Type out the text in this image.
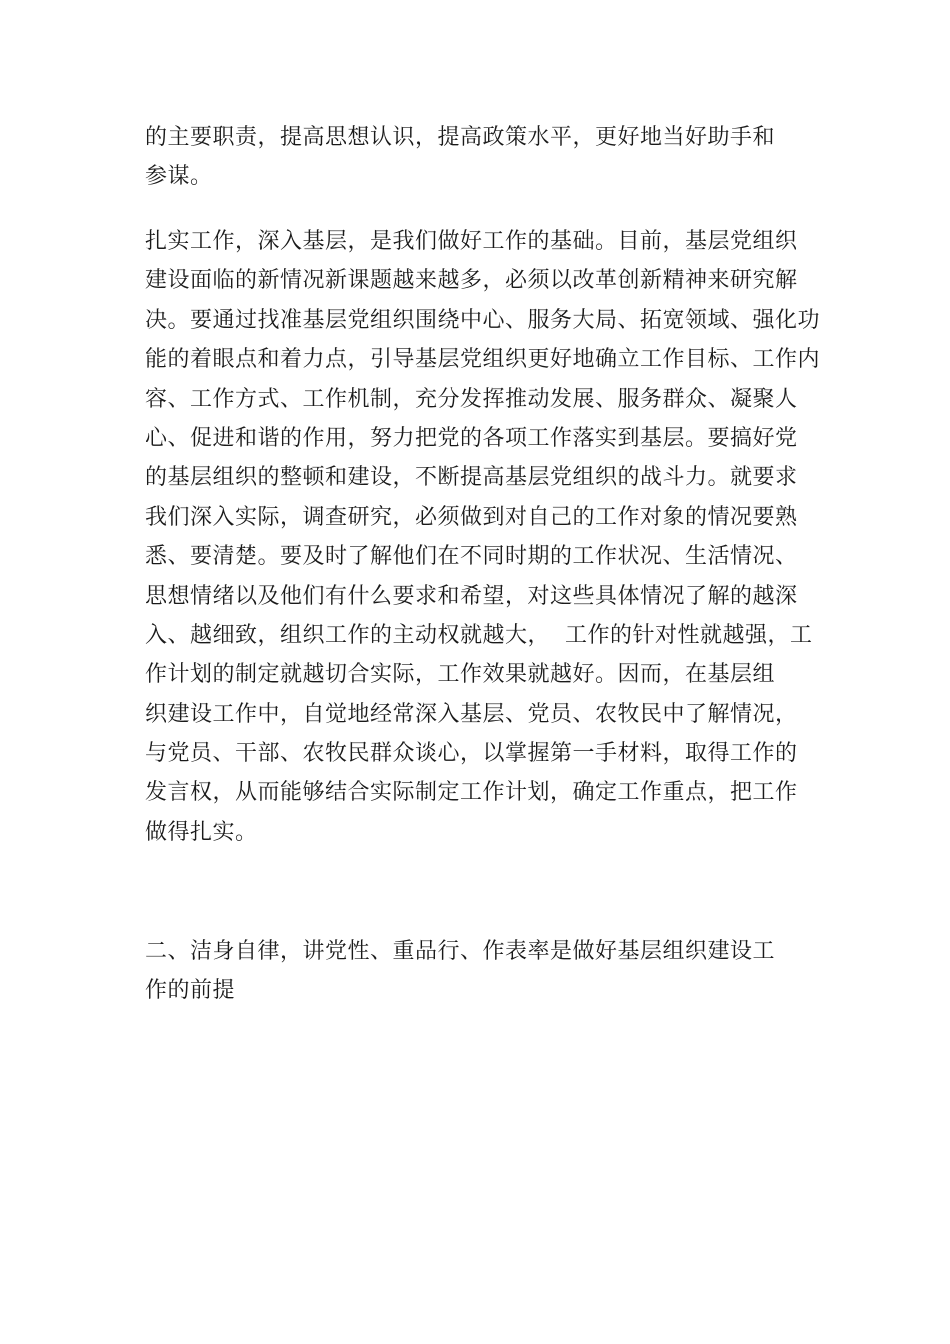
的主要职责，提高思想认识，提高政策水平，更好地当好助手和
参谋。
扎实工作，深入基层，是我们做好工作的基础。目前，基层党组织
建设面临的新情况新课题越来越多，必须以改革创新精神来研究解
决。要通过找准基层党组织围绕中心、服务大局、拓宽领域、强化功
能的着眼点和着力点，引导基层党组织更好地确立工作目标、工作内
容、工作方式、工作机制，充分发挥推动发展、服务群众、凝聚人
心、促进和谐的作用，努力把党的各项工作落实到基层。要搞好党
的基层组织的整顿和建设，不断提高基层党组织的战斗力。就要求
我们深入实际，调查研究，必须做到对自己的工作对象的情况要熟
悉、要清楚。要及时了解他们在不同时期的工作状况、生活情况、
思想情绪以及他们有什么要求和希望，对这些具体情况了解的越深
入、越细致，组织工作的主动权就越大，  工作的针对性就越强，工
作计划的制定就越切合实际，工作效果就越好。因而，在基层组
织建设工作中，自觉地经常深入基层、党员、农牧民中了解情况，
与党员、干部、农牧民群众谈心，以掌握第一手材料，取得工作的
发言权，从而能够结合实际制定工作计划，确定工作重点，把工作
做得扎实。
二、洁身自律，讲党性、重品行、作表率是做好基层组织建设工
作的前提
